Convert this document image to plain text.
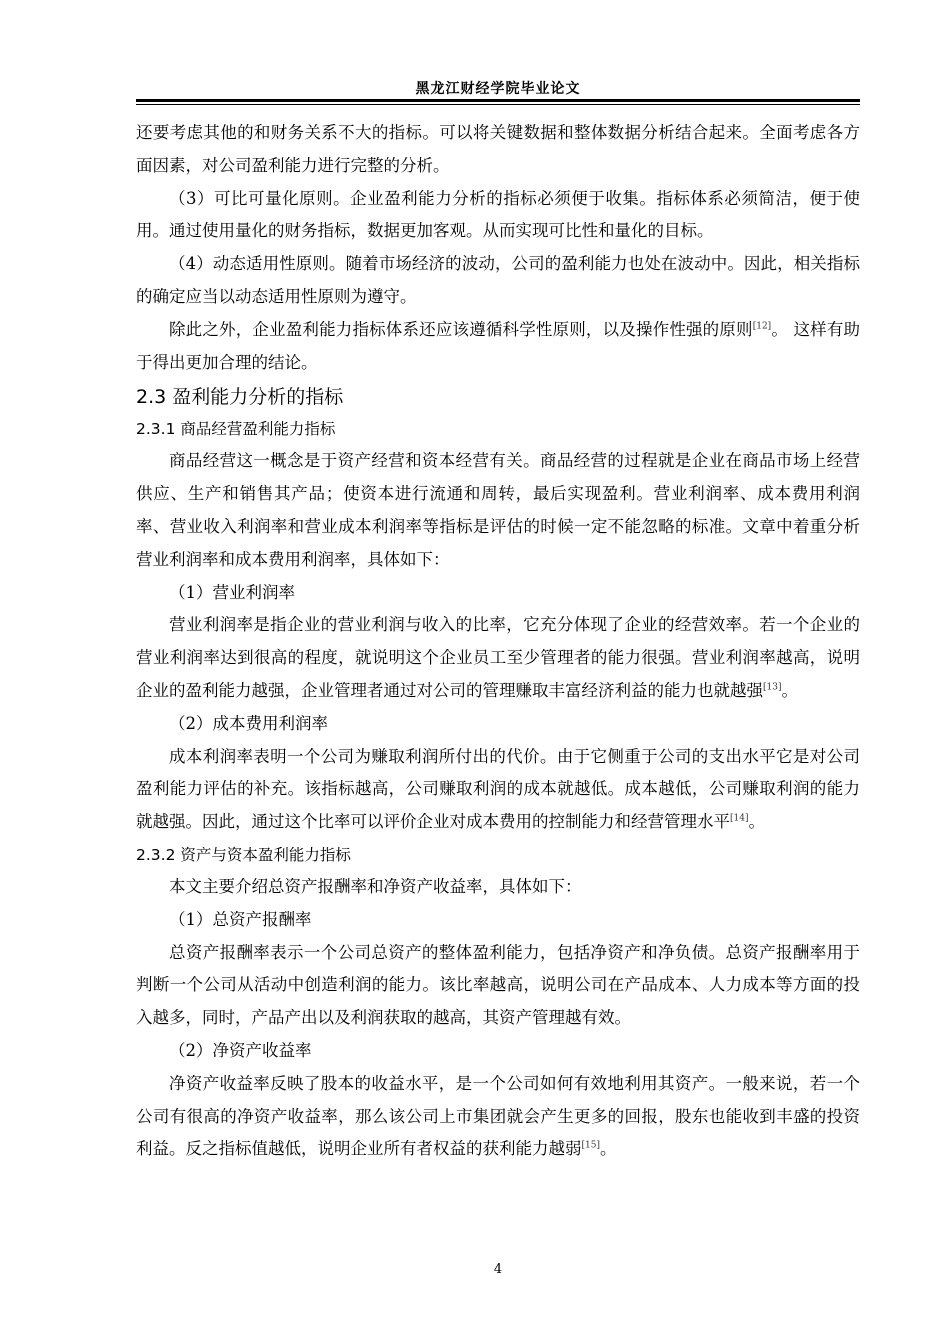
黑龙江财经学院毕业论文

还要考虑其他的和财务关系不大的指标。可以将关键数据和整体数据分析结合起来。全面考虑各方面因素，对公司盈利能力进行完整的分析。

（3）可比可量化原则。企业盈利能力分析的指标必须便于收集。指标体系必须简洁，便于使用。通过使用量化的财务指标，数据更加客观。从而实现可比性和量化的目标。

（4）动态适用性原则。随着市场经济的波动，公司的盈利能力也处在波动中。因此，相关指标的确定应当以动态适用性原则为遵守。

除此之外，企业盈利能力指标体系还应该遵循科学性原则，以及操作性强的原则[12]。 这样有助于得出更加合理的结论。

2.3 盈利能力分析的指标
2.3.1 商品经营盈利能力指标

商品经营这一概念是于资产经营和资本经营有关。商品经营的过程就是企业在商品市场上经营供应、生产和销售其产品；使资本进行流通和周转，最后实现盈利。营业利润率、成本费用利润率、营业收入利润率和营业成本利润率等指标是评估的时候一定不能忽略的标准。文章中着重分析营业利润率和成本费用利润率，具体如下：

（1）营业利润率

营业利润率是指企业的营业利润与收入的比率，它充分体现了企业的经营效率。若一个企业的营业利润率达到很高的程度，就说明这个企业员工至少管理者的能力很强。营业利润率越高，说明企业的盈利能力越强，企业管理者通过对公司的管理赚取丰富经济利益的能力也就越强[13]。

（2）成本费用利润率

成本利润率表明一个公司为赚取利润所付出的代价。由于它侧重于公司的支出水平它是对公司盈利能力评估的补充。该指标越高，公司赚取利润的成本就越低。成本越低，公司赚取利润的能力就越强。因此，通过这个比率可以评价企业对成本费用的控制能力和经营管理水平[14]。

2.3.2 资产与资本盈利能力指标

本文主要介绍总资产报酬率和净资产收益率，具体如下：

（1）总资产报酬率

总资产报酬率表示一个公司总资产的整体盈利能力，包括净资产和净负债。总资产报酬率用于判断一个公司从活动中创造利润的能力。该比率越高，说明公司在产品成本、人力成本等方面的投入越多，同时，产品产出以及利润获取的越高，其资产管理越有效。

（2）净资产收益率

净资产收益率反映了股本的收益水平，是一个公司如何有效地利用其资产。一般来说，若一个公司有很高的净资产收益率，那么该公司上市集团就会产生更多的回报，股东也能收到丰盛的投资利益。反之指标值越低，说明企业所有者权益的获利能力越弱[15]。

4
